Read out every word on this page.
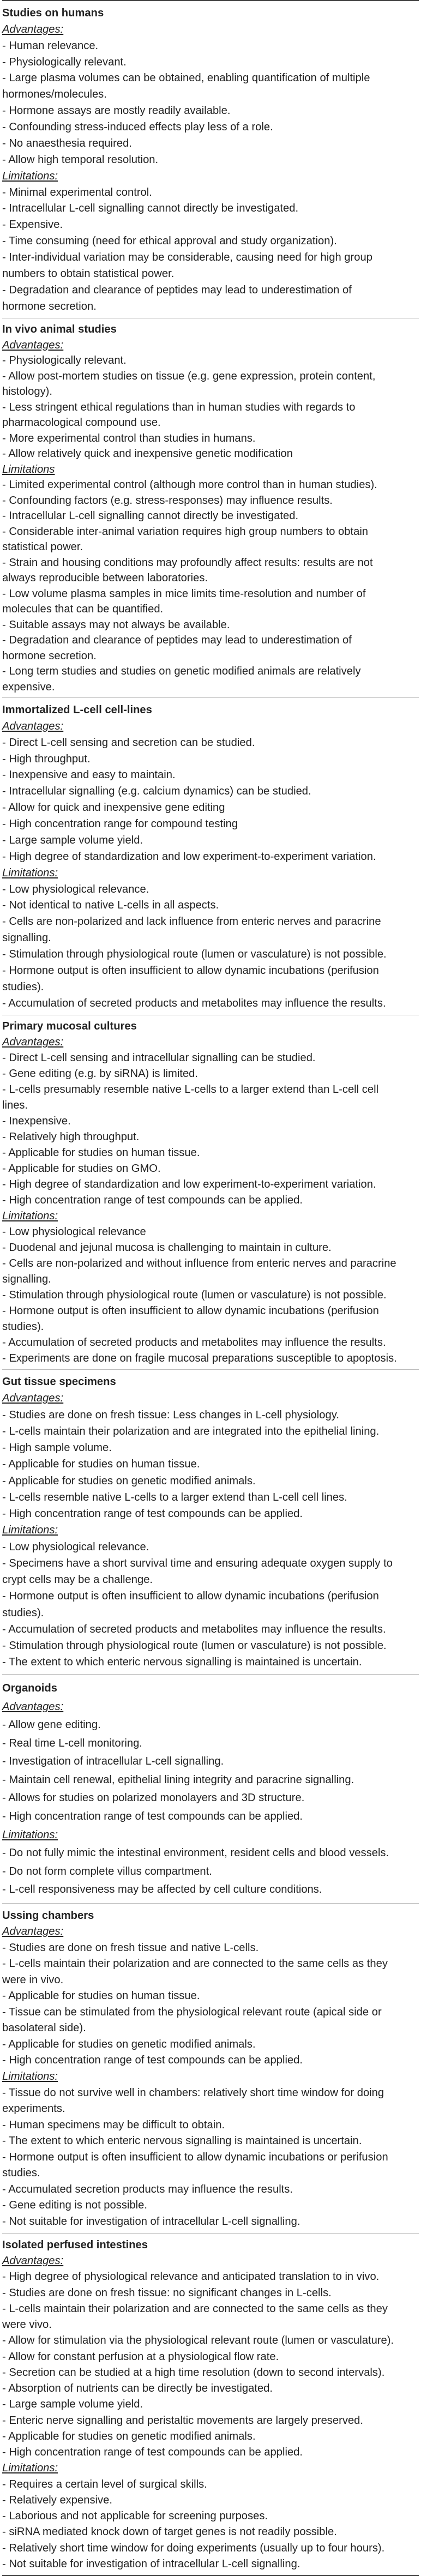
Studies on humans
Advantages:
- Human relevance.
- Physiologically relevant.
- Large plasma volumes can be obtained, enabling quantification of multiple
hormones/molecules.
- Hormone assays are mostly readily available.
- Confounding stress-induced effects play less of a role.
- No anaesthesia required.
- Allow high temporal resolution.
Limitations:
- Minimal experimental control.
- Intracellular L-cell signalling cannot directly be investigated.
- Expensive.
- Time consuming (need for ethical approval and study organization).
- Inter-individual variation may be considerable, causing need for high group
numbers to obtain statistical power.
- Degradation and clearance of peptides may lead to underestimation of
hormone secretion.
In vivo animal studies
Advantages:
- Physiologically relevant.
- Allow post-mortem studies on tissue (e.g. gene expression, protein content,
histology).
- Less stringent ethical regulations than in human studies with regards to
pharmacological compound use.
- More experimental control than studies in humans.
- Allow relatively quick and inexpensive genetic modification
Limitations
- Limited experimental control (although more control than in human studies).
- Confounding factors (e.g. stress-responses) may influence results.
- Intracellular L-cell signalling cannot directly be investigated.
- Considerable inter-animal variation requires high group numbers to obtain
statistical power.
- Strain and housing conditions may profoundly affect results: results are not
always reproducible between laboratories.
- Low volume plasma samples in mice limits time-resolution and number of
molecules that can be quantified.
- Suitable assays may not always be available.
- Degradation and clearance of peptides may lead to underestimation of
hormone secretion.
- Long term studies and studies on genetic modified animals are relatively
expensive.
Immortalized L-cell cell-lines
Advantages:
- Direct L-cell sensing and secretion can be studied.
- High throughput.
- Inexpensive and easy to maintain.
- Intracellular signalling (e.g. calcium dynamics) can be studied.
- Allow for quick and inexpensive gene editing
- High concentration range for compound testing
- Large sample volume yield.
- High degree of standardization and low experiment-to-experiment variation.
Limitations:
- Low physiological relevance.
- Not identical to native L-cells in all aspects.
- Cells are non-polarized and lack influence from enteric nerves and paracrine
signalling.
- Stimulation through physiological route (lumen or vasculature) is not possible.
- Hormone output is often insufficient to allow dynamic incubations (perifusion
studies).
- Accumulation of secreted products and metabolites may influence the results.
Primary mucosal cultures
Advantages:
- Direct L-cell sensing and intracellular signalling can be studied.
- Gene editing (e.g. by siRNA) is limited.
- L-cells presumably resemble native L-cells to a larger extend than L-cell cell
lines.
- Inexpensive.
- Relatively high throughput.
- Applicable for studies on human tissue.
- Applicable for studies on GMO.
- High degree of standardization and low experiment-to-experiment variation.
- High concentration range of test compounds can be applied.
Limitations:
- Low physiological relevance
- Duodenal and jejunal mucosa is challenging to maintain in culture.
- Cells are non-polarized and without influence from enteric nerves and paracrine
signalling.
- Stimulation through physiological route (lumen or vasculature) is not possible.
- Hormone output is often insufficient to allow dynamic incubations (perifusion
studies).
- Accumulation of secreted products and metabolites may influence the results.
- Experiments are done on fragile mucosal preparations susceptible to apoptosis.
Gut tissue specimens
Advantages:
- Studies are done on fresh tissue: Less changes in L-cell physiology.
- L-cells maintain their polarization and are integrated into the epithelial lining.
- High sample volume.
- Applicable for studies on human tissue.
- Applicable for studies on genetic modified animals.
- L-cells resemble native L-cells to a larger extend than L-cell cell lines.
- High concentration range of test compounds can be applied.
Limitations:
- Low physiological relevance.
- Specimens have a short survival time and ensuring adequate oxygen supply to
crypt cells may be a challenge.
- Hormone output is often insufficient to allow dynamic incubations (perifusion
studies).
- Accumulation of secreted products and metabolites may influence the results.
- Stimulation through physiological route (lumen or vasculature) is not possible.
- The extent to which enteric nervous signalling is maintained is uncertain.
Organoids
Advantages:
- Allow gene editing.
- Real time L-cell monitoring.
- Investigation of intracellular L-cell signalling.
- Maintain cell renewal, epithelial lining integrity and paracrine signalling.
- Allows for studies on polarized monolayers and 3D structure.
- High concentration range of test compounds can be applied.
Limitations:
- Do not fully mimic the intestinal environment, resident cells and blood vessels.
- Do not form complete villus compartment.
- L-cell responsiveness may be affected by cell culture conditions.
Ussing chambers
Advantages:
- Studies are done on fresh tissue and native L-cells.
- L-cells maintain their polarization and are connected to the same cells as they
were in vivo.
- Applicable for studies on human tissue.
- Tissue can be stimulated from the physiological relevant route (apical side or
basolateral side).
- Applicable for studies on genetic modified animals.
- High concentration range of test compounds can be applied.
Limitations:
- Tissue do not survive well in chambers: relatively short time window for doing
experiments.
- Human specimens may be difficult to obtain.
- The extent to which enteric nervous signalling is maintained is uncertain.
- Hormone output is often insufficient to allow dynamic incubations or perifusion
studies.
- Accumulated secretion products may influence the results.
- Gene editing is not possible.
- Not suitable for investigation of intracellular L-cell signalling.
Isolated perfused intestines
Advantages:
- High degree of physiological relevance and anticipated translation to in vivo.
- Studies are done on fresh tissue: no significant changes in L-cells.
- L-cells maintain their polarization and are connected to the same cells as they
were vivo.
- Allow for stimulation via the physiological relevant route (lumen or vasculature).
- Allow for constant perfusion at a physiological flow rate.
- Secretion can be studied at a high time resolution (down to second intervals).
- Absorption of nutrients can be directly be investigated.
- Large sample volume yield.
- Enteric nerve signalling and peristaltic movements are largely preserved.
- Applicable for studies on genetic modified animals.
- High concentration range of test compounds can be applied.
Limitations:
- Requires a certain level of surgical skills.
- Relatively expensive.
- Laborious and not applicable for screening purposes.
- siRNA mediated knock down of target genes is not readily possible.
- Relatively short time window for doing experiments (usually up to four hours).
- Not suitable for investigation of intracellular L-cell signalling.
